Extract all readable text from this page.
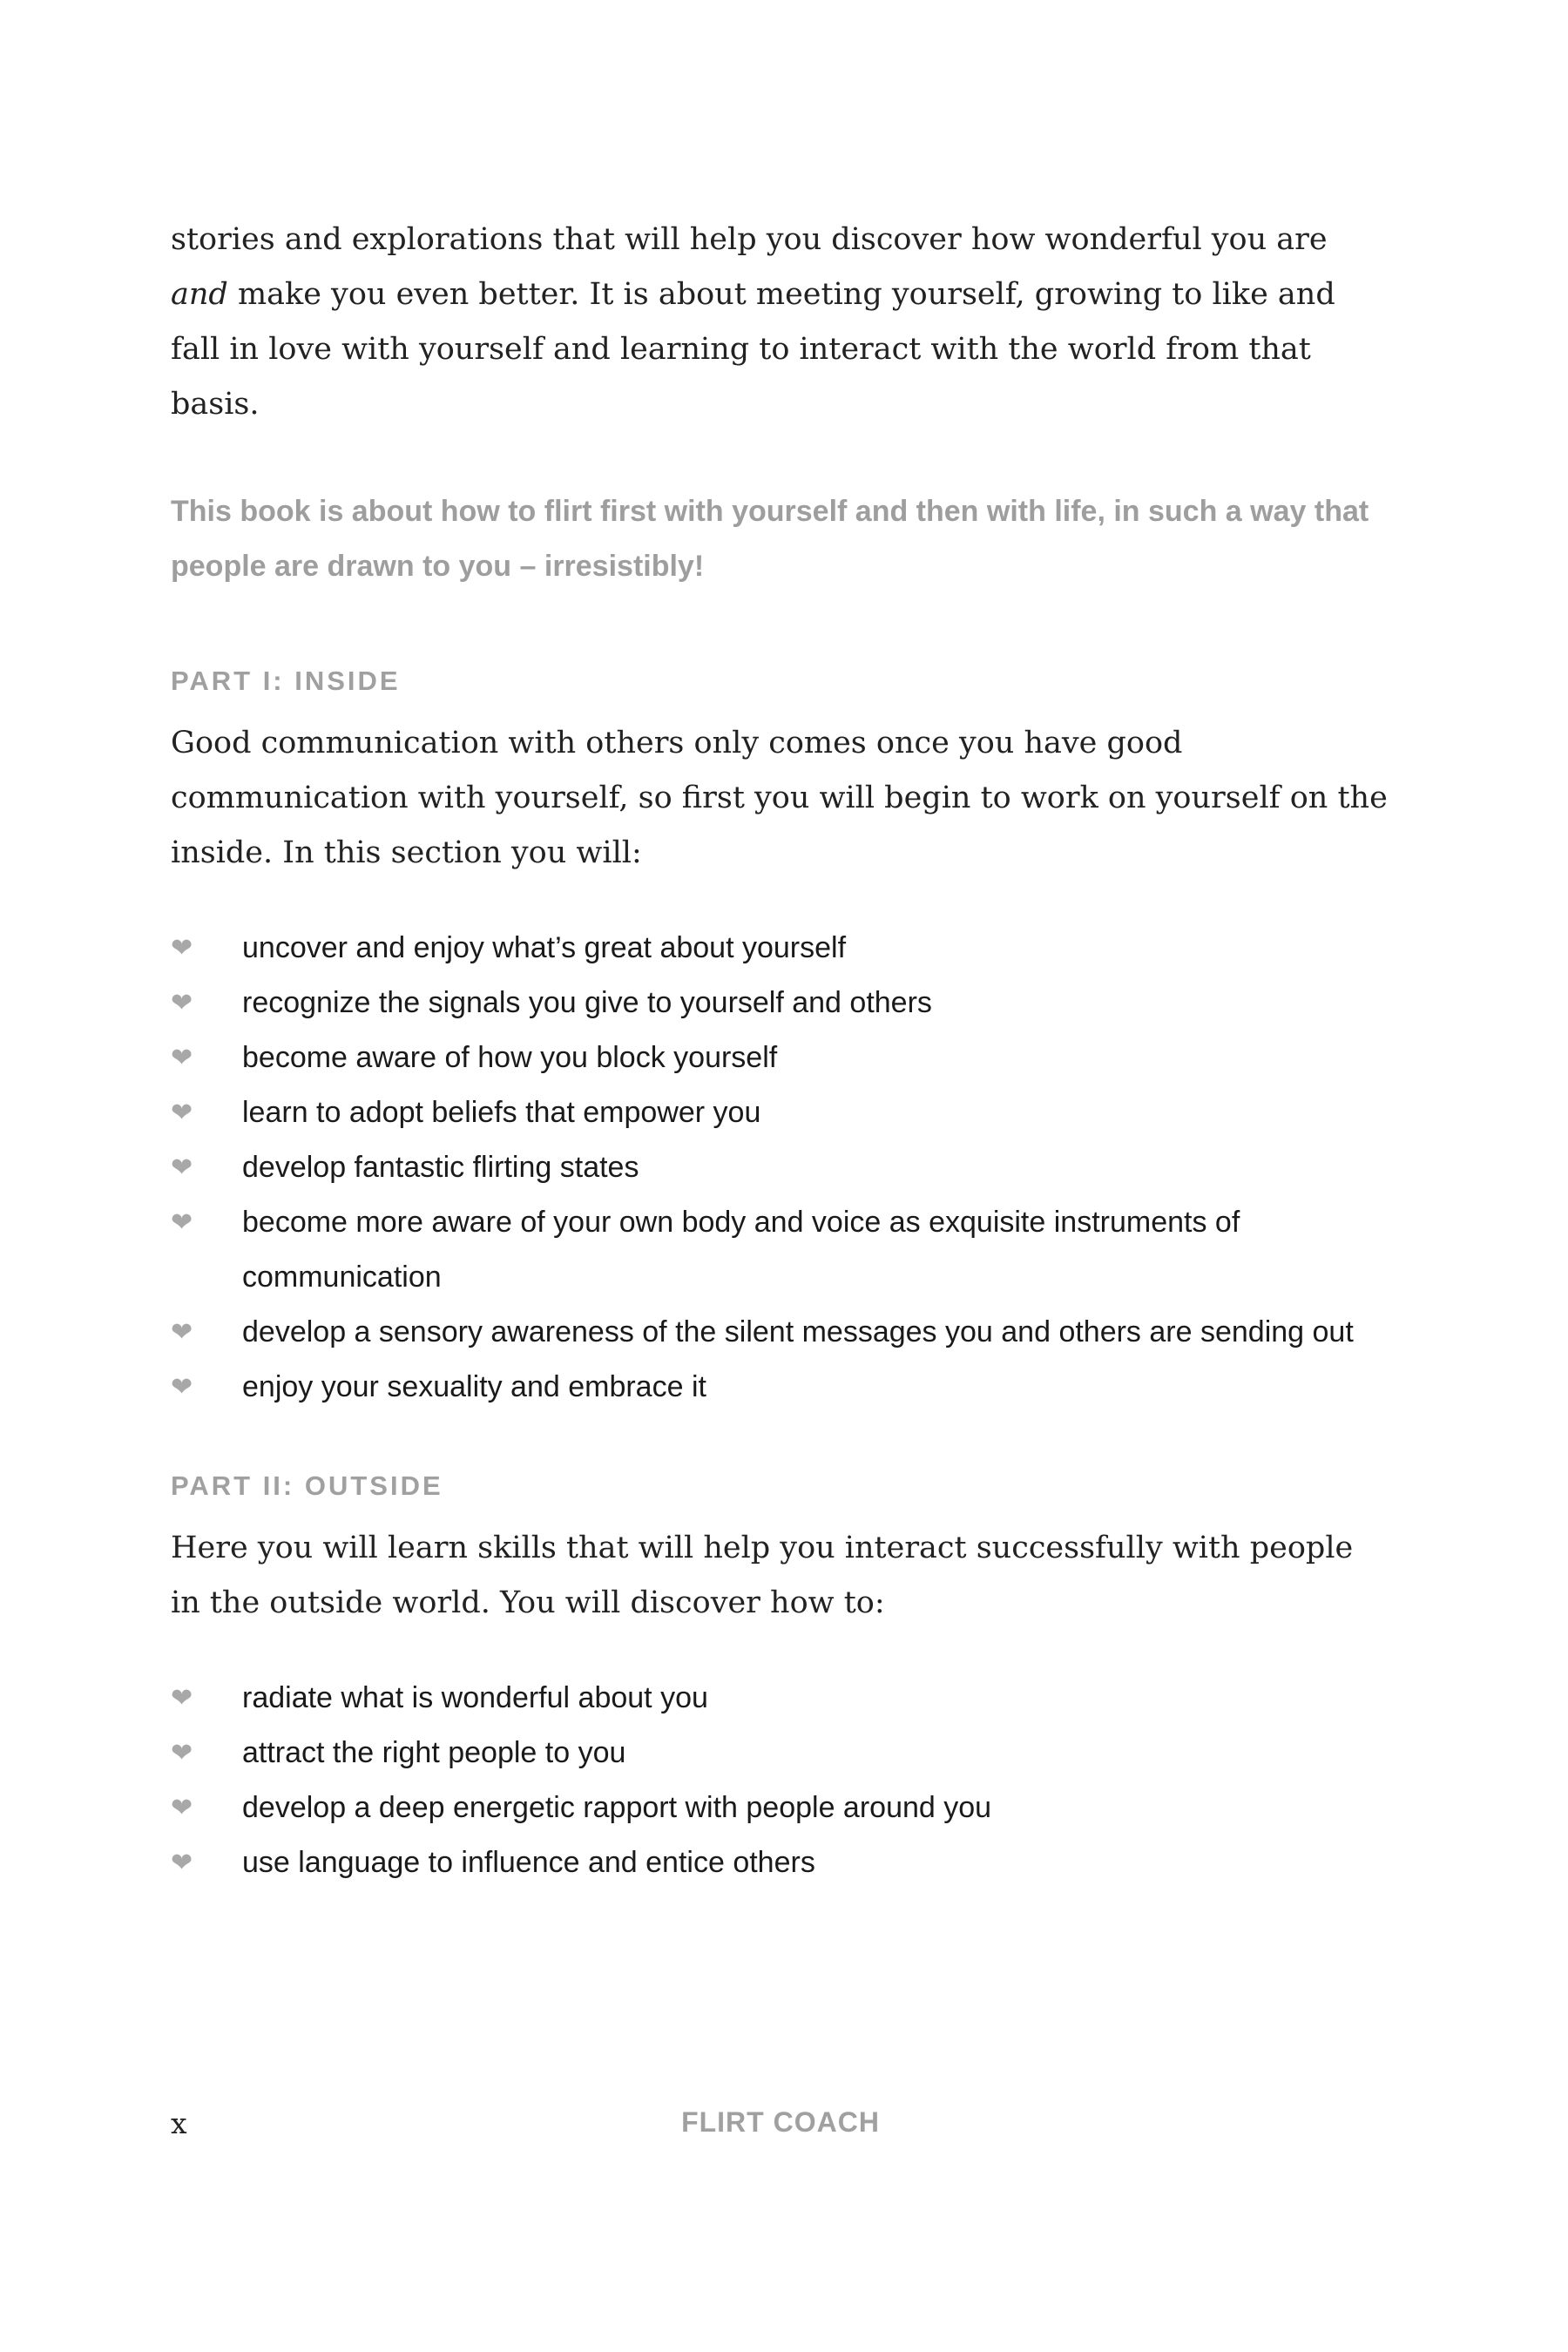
stories and explorations that will help you discover how wonderful you are and make you even better. It is about meeting yourself, growing to like and fall in love with yourself and learning to interact with the world from that basis.

This book is about how to flirt first with yourself and then with life, in such a way that people are drawn to you – irresistibly!

PART I: INSIDE

Good communication with others only comes once you have good communication with yourself, so first you will begin to work on yourself on the inside. In this section you will:

❤ uncover and enjoy what’s great about yourself
❤ recognize the signals you give to yourself and others
❤ become aware of how you block yourself
❤ learn to adopt beliefs that empower you
❤ develop fantastic flirting states
❤ become more aware of your own body and voice as exquisite instruments of communication
❤ develop a sensory awareness of the silent messages you and others are sending out
❤ enjoy your sexuality and embrace it
PART II: OUTSIDE

Here you will learn skills that will help you interact successfully with people in the outside world. You will discover how to:

❤ radiate what is wonderful about you
❤ attract the right people to you
❤ develop a deep energetic rapport with people around you
❤ use language to influence and entice others
x	FLIRT COACH
